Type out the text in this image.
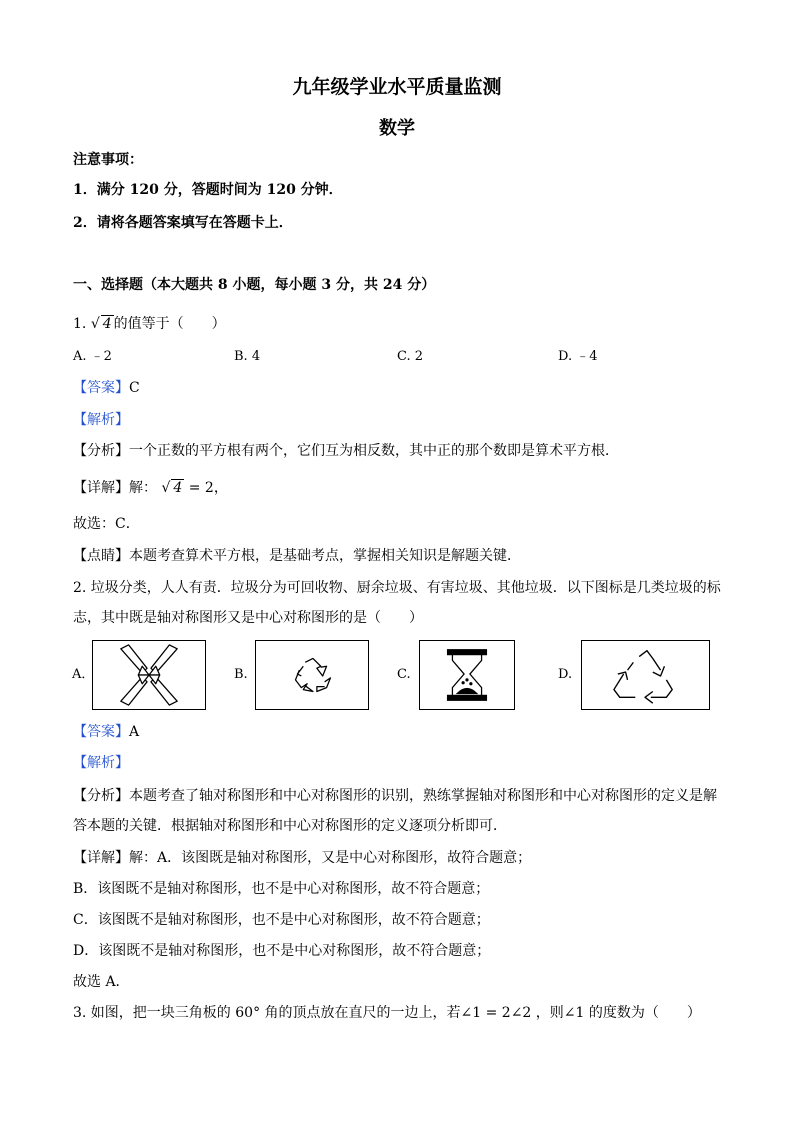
九年级学业水平质量监测
数学
注意事项：
1．满分 120 分，答题时间为 120 分钟．
2．请将各题答案填写在答题卡上．
一、选择题（本大题共 8 小题，每小题 3 分，共 24 分）
1. √ 4 的值等于（　　）
A. ﹣2	B. 4	C. 2	D. ﹣4
【答案】C
【解析】
【分析】一个正数的平方根有两个，它们互为相反数，其中正的那个数即是算术平方根．
【详解】解： √ 4 = 2，
故选：C．
【点睛】本题考查算术平方根，是基础考点，掌握相关知识是解题关键．
2. 垃圾分类，人人有责．垃圾分为可回收物、厨余垃圾、有害垃圾、其他垃圾．以下图标是几类垃圾的标
志，其中既是轴对称图形又是中心对称图形的是（　　）
A．	B.	C.	D.
【答案】A
【解析】
【分析】本题考查了轴对称图形和中心对称图形的识别，熟练掌握轴对称图形和中心对称图形的定义是解
答本题的关键．根据轴对称图形和中心对称图形的定义逐项分析即可．
【详解】解：A．该图既是轴对称图形，又是中心对称图形，故符合题意；
B．该图既不是轴对称图形，也不是中心对称图形，故不符合题意；
C．该图既不是轴对称图形，也不是中心对称图形，故不符合题意；
D．该图既不是轴对称图形，也不是中心对称图形，故不符合题意；
故选 A．
3. 如图，把一块三角板的 60° 角的顶点放在直尺的一边上，若∠1 = 2∠2 ，则∠1 的度数为（　　）
